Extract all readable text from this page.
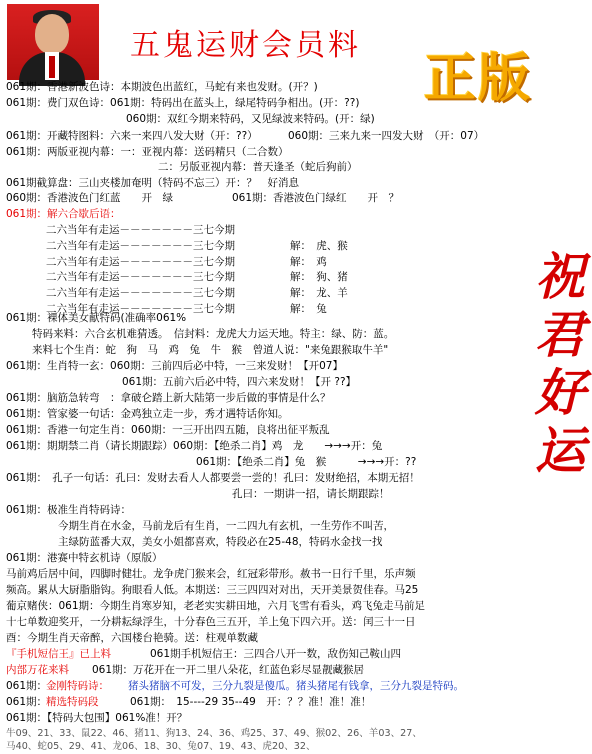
五鬼运财会员料
正版
祝君好运
061期：香港新波色诗：本期波色出蓝红，马蛇有来也发财。(开？)
061期：费门双色诗：061期：特码出在蓝头上，绿尾特码争相出。(开：??)
060期：双红今期来特码，又见绿波来特码。(开：绿)
061期：开藏特图料：六来一来四八发大财（开：??）	060期：三来九来一四发大财　（开：07）
061期：两版亚视内幕：一：亚视内幕：送码精只（二合数）
二：另版亚视内幕：普天逢圣（蛇后狗前）
061期截算盘：三山夹楼加奄明（特码不忘三）开：？　好消息
060期：香港波色门红蓝　　开　绿	061期：香港波色门绿红　　开　？
061期：解六合歇后语：
二六当年有走运－－－－－－－三七今期
二六当年有走运－－－－－－－三七今期	解：　虎、猴
二六当年有走运－－－－－－－三七今期	解：　鸡
二六当年有走运－－－－－－－三七今期	解：　狗、猪
二六当年有走运－－－－－－－三七今期	解：　龙、羊
二六当年有走运－－－－－－－三七今期	解：　兔
061期：裸体美女献特码(准确率061%
特码来料：六合玄机难猜透。　信封料：龙虎大力运天地。特主：绿、防：蓝。
来料七个生肖：蛇　狗　马　鸡　兔　牛　猴　曾道人说："来兔跟猴取牛羊"
061期：生肖特一玄：060期：三前四后必中特，一三来发财！【开07】
061期：五前六后必中特，四六来发财！【开 ??】
061期：脑筋急转弯　：拿破仑踏上新大陆第一步后做的事情是什么？
061期：管家婆一句话：金鸡独立走一步，秀才遇特话你知。
061期：香港一句定生肖：060期：一三开出四五随，良将出征平叛乱
061期：期期禁二肖（请长期跟踪）060期：【绝杀二肖】鸡　龙　　→→→开：兔
061期：【绝杀二肖】兔　猴　　　→→→开：??
061期：　孔子一句话：孔曰：发财去看人人都要尝一尝的！孔曰：发财绝招，本期无招！
孔曰：一期讲一招，请长期跟踪！
061期：极准生肖特码诗：
今期生肖在水金，马前龙后有生肖，一二四九有玄机，一生劳作不叫苦，
主绿防蓝番大双，美女小姐都喜欢，特段必在25-48，特码水金找一找
061期：港赛中特玄机诗（原版）
马前鸡后居中间，四脚时健壮。龙争虎门猴来会，红冠彩带形。赦书一日行千里，乐声频
频高。累从大厨脂脂钩。狗眼看人低。本期送：三三四四对对出，天开美景贺佳春。马25
葡京赌侠：061期：今期生肖寒岁知，老老实实耕田地，六月飞雪有看头，鸡飞兔走马前足
十七单数迎奖开，一分耕耘绿浮生，十分春色三五开，羊上兔下四六开。送：闰三十一日
酉：今期生肖天帝醉，六国楼台艳骑。送：柱观单数藏
『手机短信王』已上料	061期手机短信王：三四合八开一数，敌伤知己鞍山四
内部万花来料 061期：万花开在一开二里八朵花，红蓝色彩尽显靓藏猴居
061期：
金刚特码诗： 猪头猪脑不可发，三分九裂是傻瓜。猪头猪尾有钱拿，三分九裂是特码。
061期：
精选特码段	061期：　15----29 35--49　开：？？准！准！准！
061期：【特码大包围】061%准！开？
牛09、21、33、鼠22、46、猪11、狗13、24、36、鸡25、37、49、猴02、26、羊03、27、
马40、蛇05、29、41、龙06、18、30、兔07、19、43、虎20、32、
